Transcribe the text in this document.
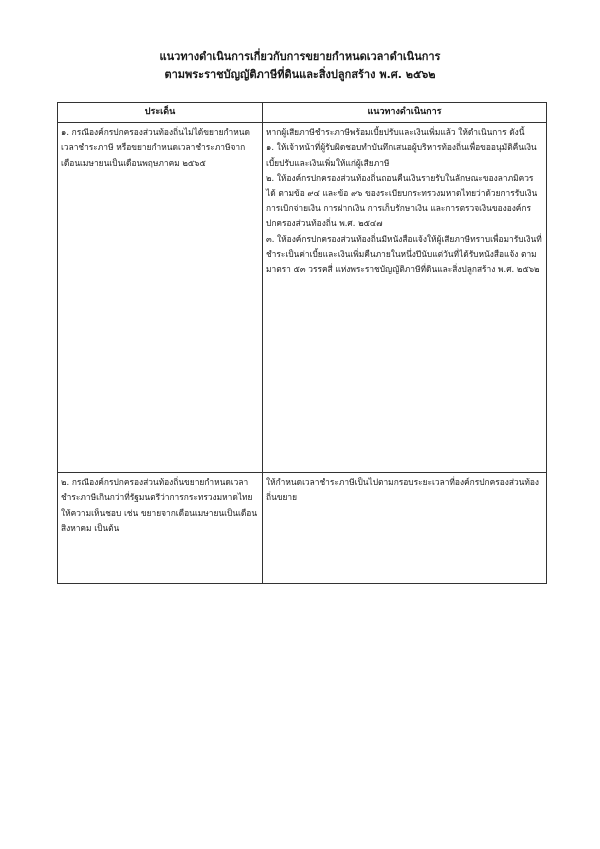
แนวทางดำเนินการเกี่ยวกับการขยายกำหนดเวลาดำเนินการ
ตามพระราชบัญญัติภาษีที่ดินและสิ่งปลูกสร้าง พ.ศ. ๒๕๖๒
ประเด็น	แนวทางดำเนินการ

๑. กรณีองค์กรปกครองส่วนท้องถิ่นไม่ได้ขยายกำหนดเวลาชำระภาษี หรือขยายกำหนดเวลาชำระภาษีจากเดือนเมษายนเป็นเดือนพฤษภาคม ๒๕๖๕	หากผู้เสียภาษีชำระภาษีพร้อมเบี้ยปรับและเงินเพิ่มแล้ว ให้ดำเนินการ ดังนี้
๑. ให้เจ้าหน้าที่ผู้รับผิดชอบทำบันทึกเสนอผู้บริหารท้องถิ่นเพื่อขออนุมัติคืนเงินเบี้ยปรับและเงินเพิ่มให้แก่ผู้เสียภาษี
๒. ให้องค์กรปกครองส่วนท้องถิ่นถอนคืนเงินรายรับในลักษณะของลาภมิควรได้ ตามข้อ ๙๔ และข้อ ๙๖ ของระเบียบกระทรวงมหาดไทยว่าด้วยการรับเงิน การเบิกจ่ายเงิน การฝากเงิน การเก็บรักษาเงิน และการตรวจเงินขององค์กรปกครองส่วนท้องถิ่น พ.ศ. ๒๕๔๗
๓. ให้องค์กรปกครองส่วนท้องถิ่นมีหนังสือแจ้งให้ผู้เสียภาษีทราบเพื่อมารับเงินที่ชำระเป็นค่าเบี้ยและเงินเพิ่มคืนภายในหนึ่งปีนับแต่วันที่ได้รับหนังสือแจ้ง ตามมาตรา ๕๓ วรรคสี่ แห่งพระราชบัญญัติภาษีที่ดินและสิ่งปลูกสร้าง พ.ศ. ๒๕๖๒

๒. กรณีองค์กรปกครองส่วนท้องถิ่นขยายกำหนดเวลาชำระภาษีเกินกว่าที่รัฐมนตรีว่าการกระทรวงมหาดไทยให้ความเห็นชอบ เช่น ขยายจากเดือนเมษายนเป็นเดือนสิงหาคม เป็นต้น	ให้กำหนดเวลาชำระภาษีเป็นไปตามกรอบระยะเวลาที่องค์กรปกครองส่วนท้องถิ่นขยาย
